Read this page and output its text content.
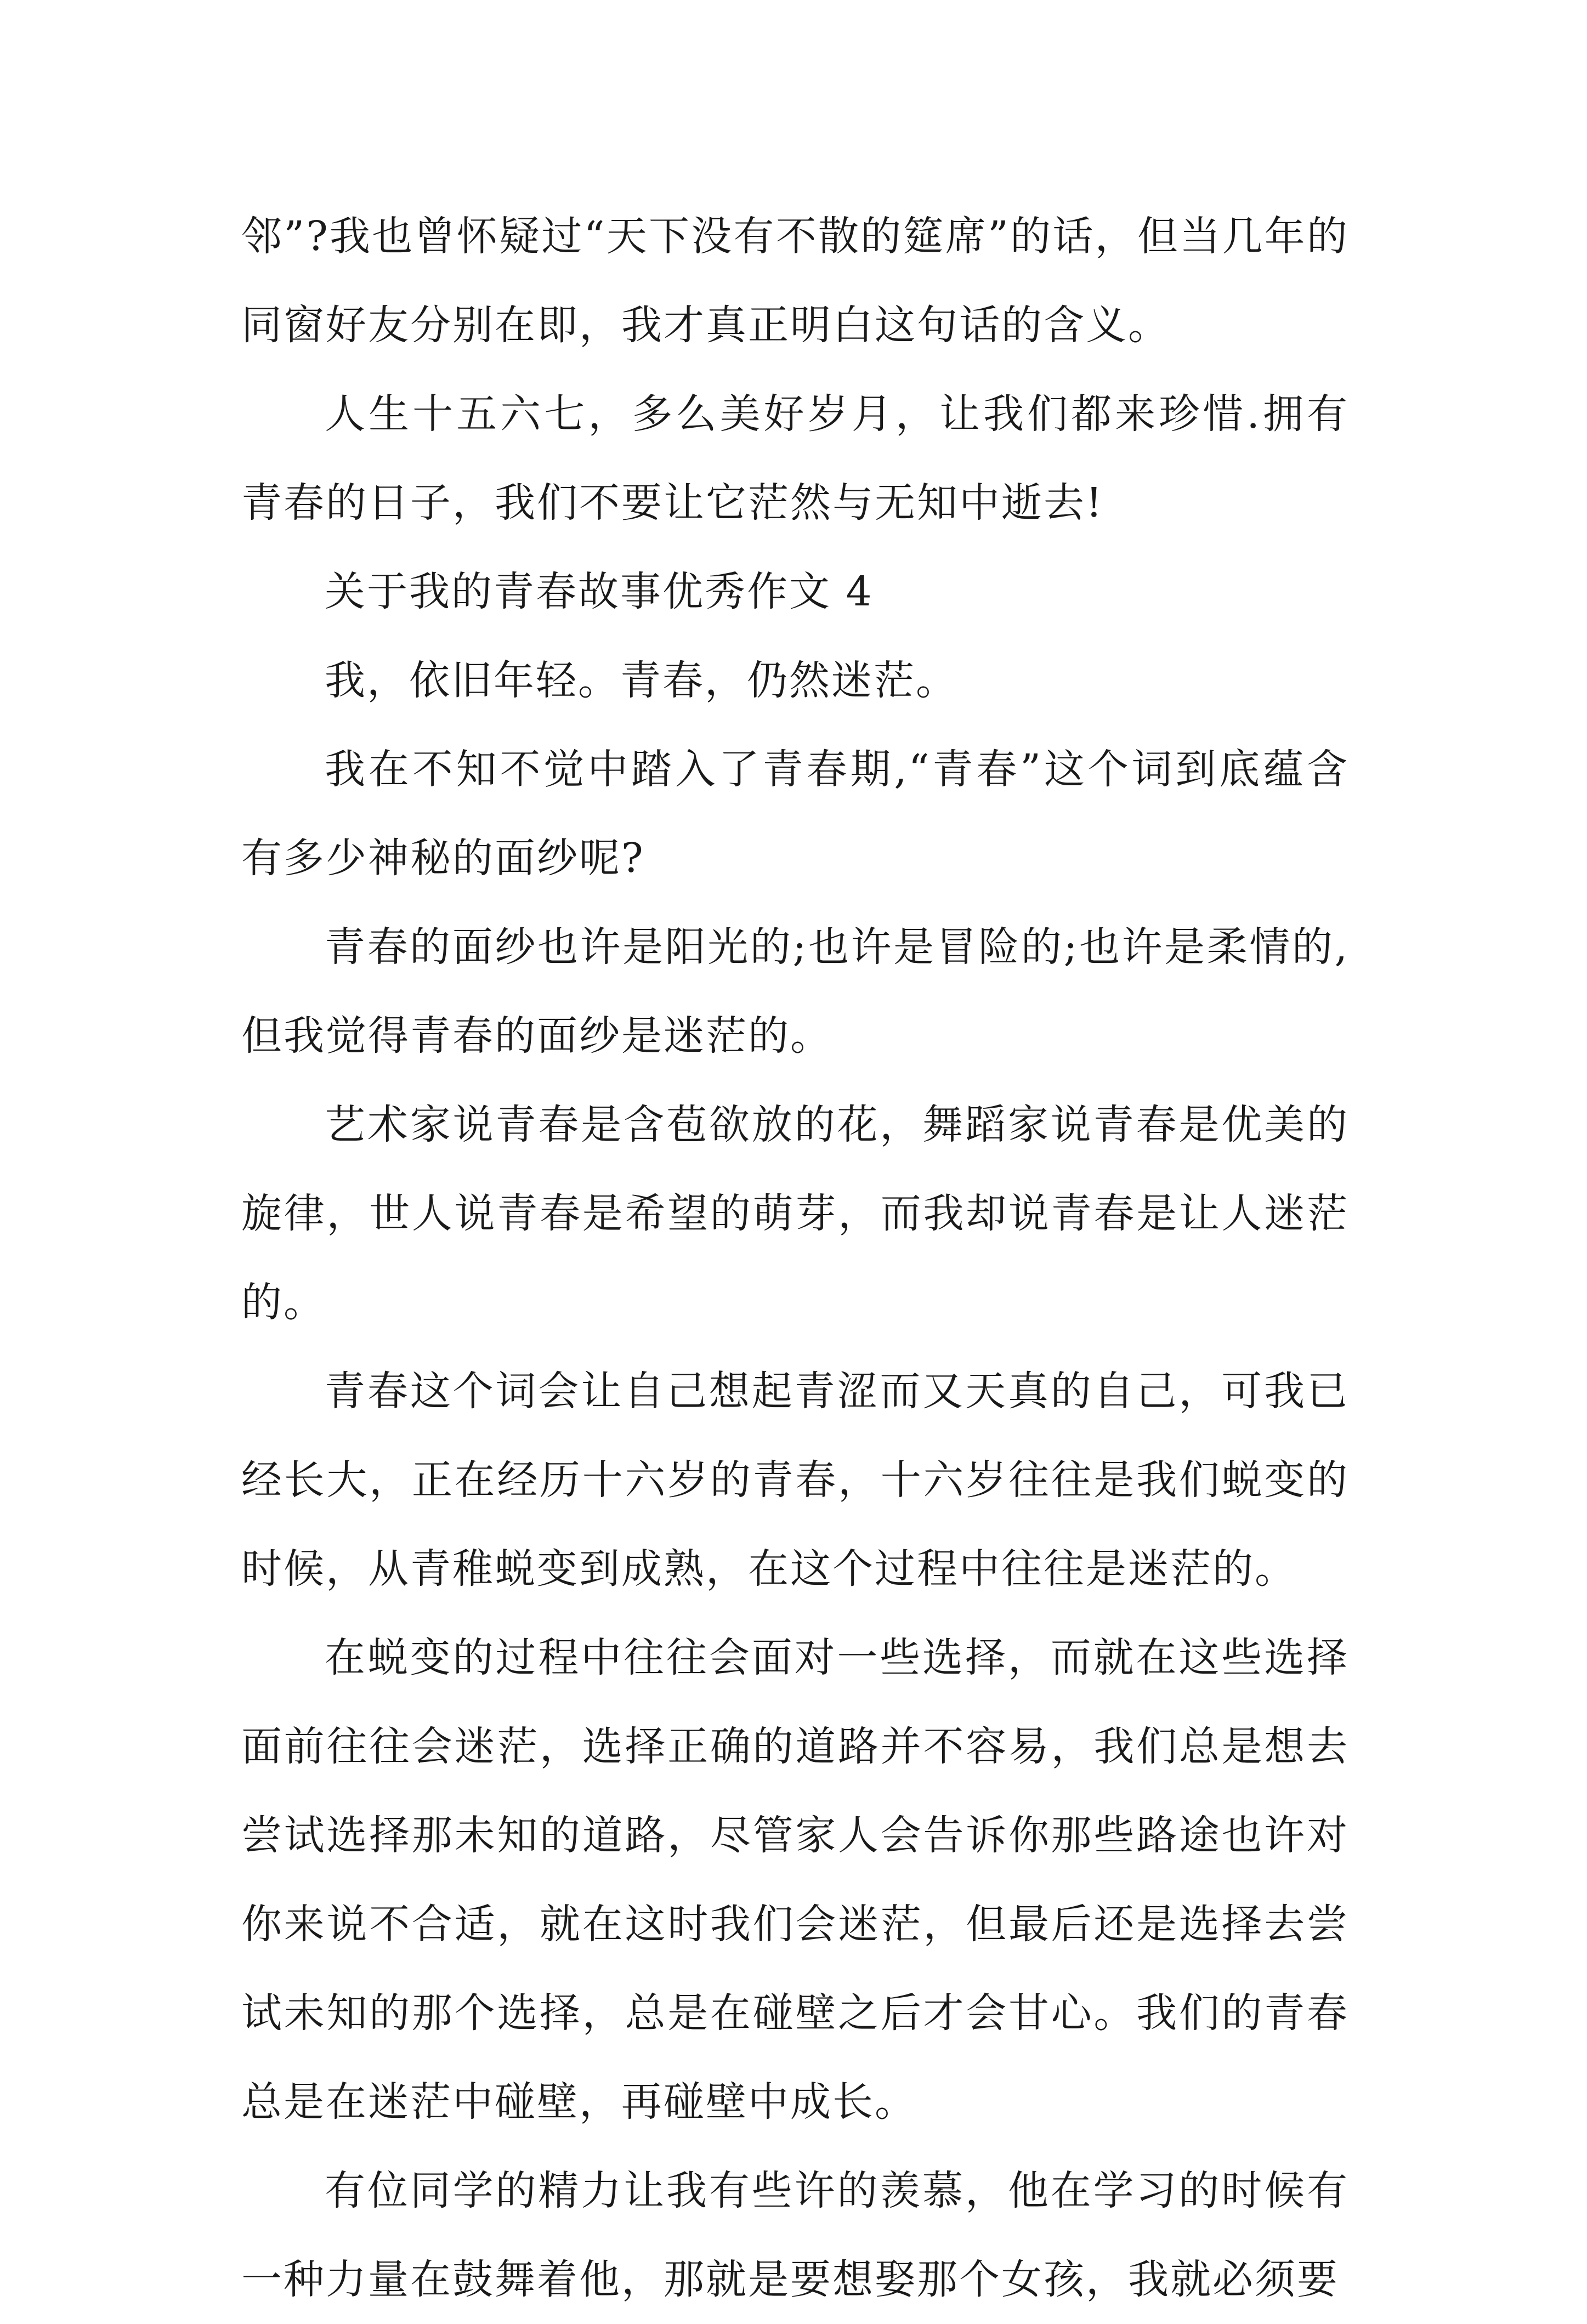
邻”?我也曾怀疑过“天下没有不散的筵席”的话，但当几年的同窗好友分别在即，我才真正明白这句话的含义。

人生十五六七，多么美好岁月，让我们都来珍惜.拥有青春的日子，我们不要让它茫然与无知中逝去!

关于我的青春故事优秀作文 4

我，依旧年轻。青春，仍然迷茫。

我在不知不觉中踏入了青春期,“青春”这个词到底蕴含有多少神秘的面纱呢?

青春的面纱也许是阳光的;也许是冒险的;也许是柔情的,但我觉得青春的面纱是迷茫的。

艺术家说青春是含苞欲放的花，舞蹈家说青春是优美的旋律，世人说青春是希望的萌芽，而我却说青春是让人迷茫的。

青春这个词会让自己想起青涩而又天真的自己，可我已经长大，正在经历十六岁的青春，十六岁往往是我们蜕变的时候，从青稚蜕变到成熟，在这个过程中往往是迷茫的。

在蜕变的过程中往往会面对一些选择，而就在这些选择面前往往会迷茫，选择正确的道路并不容易，我们总是想去尝试选择那未知的道路，尽管家人会告诉你那些路途也许对你来说不合适，就在这时我们会迷茫，但最后还是选择去尝试未知的那个选择，总是在碰壁之后才会甘心。我们的青春总是在迷茫中碰壁，再碰壁中成长。

有位同学的精力让我有些许的羡慕，他在学习的时候有一种力量在鼓舞着他，那就是要想娶那个女孩，我就必须要
